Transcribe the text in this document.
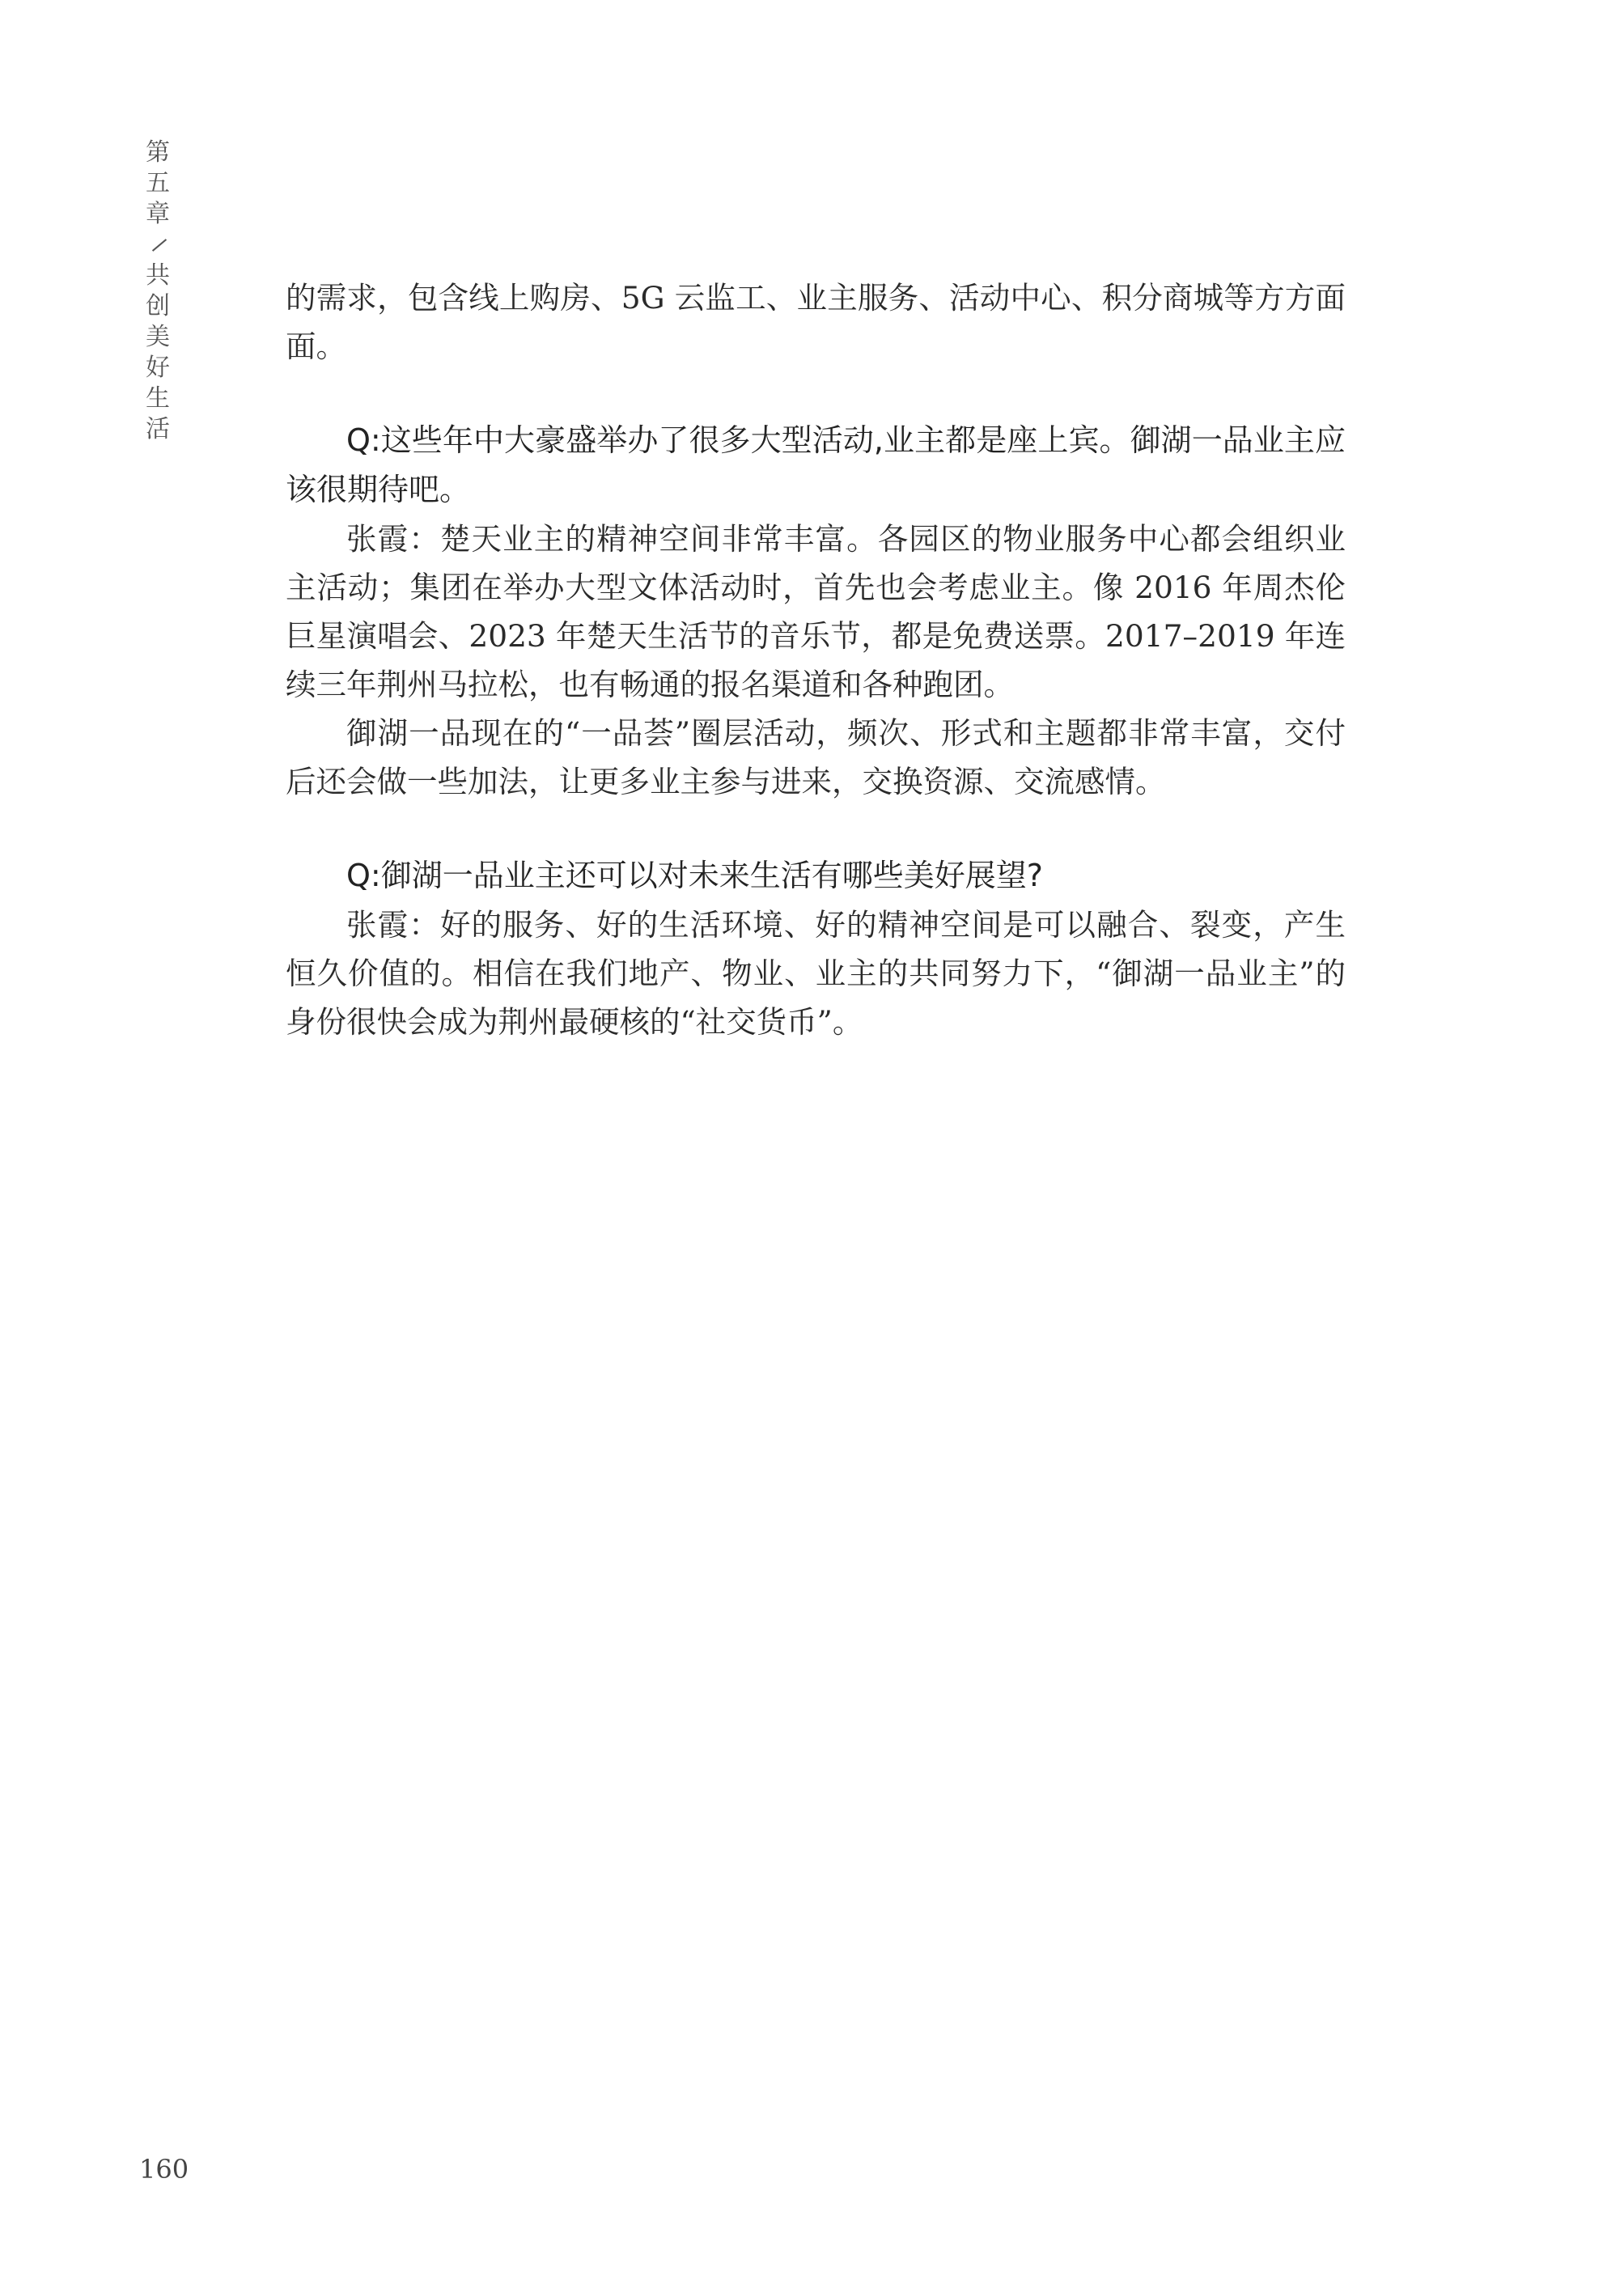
第
五
章
共
创
美
好
生
活

的需求，包含线上购房、5G 云监工、业主服务、活动中心、积分商城等方方面面。

Q:这些年中大豪盛举办了很多大型活动,业主都是座上宾。御湖一品业主应该很期待吧。

张霞：楚天业主的精神空间非常丰富。各园区的物业服务中心都会组织业主活动；集团在举办大型文体活动时，首先也会考虑业主。像 2016 年周杰伦巨星演唱会、2023 年楚天生活节的音乐节，都是免费送票。2017–2019 年连续三年荆州马拉松，也有畅通的报名渠道和各种跑团。

御湖一品现在的“一品荟”圈层活动，频次、形式和主题都非常丰富，交付后还会做一些加法，让更多业主参与进来，交换资源、交流感情。

Q:御湖一品业主还可以对未来生活有哪些美好展望?

张霞：好的服务、好的生活环境、好的精神空间是可以融合、裂变，产生恒久价值的。相信在我们地产、物业、业主的共同努力下，“御湖一品业主”的身份很快会成为荆州最硬核的“社交货币”。

160
